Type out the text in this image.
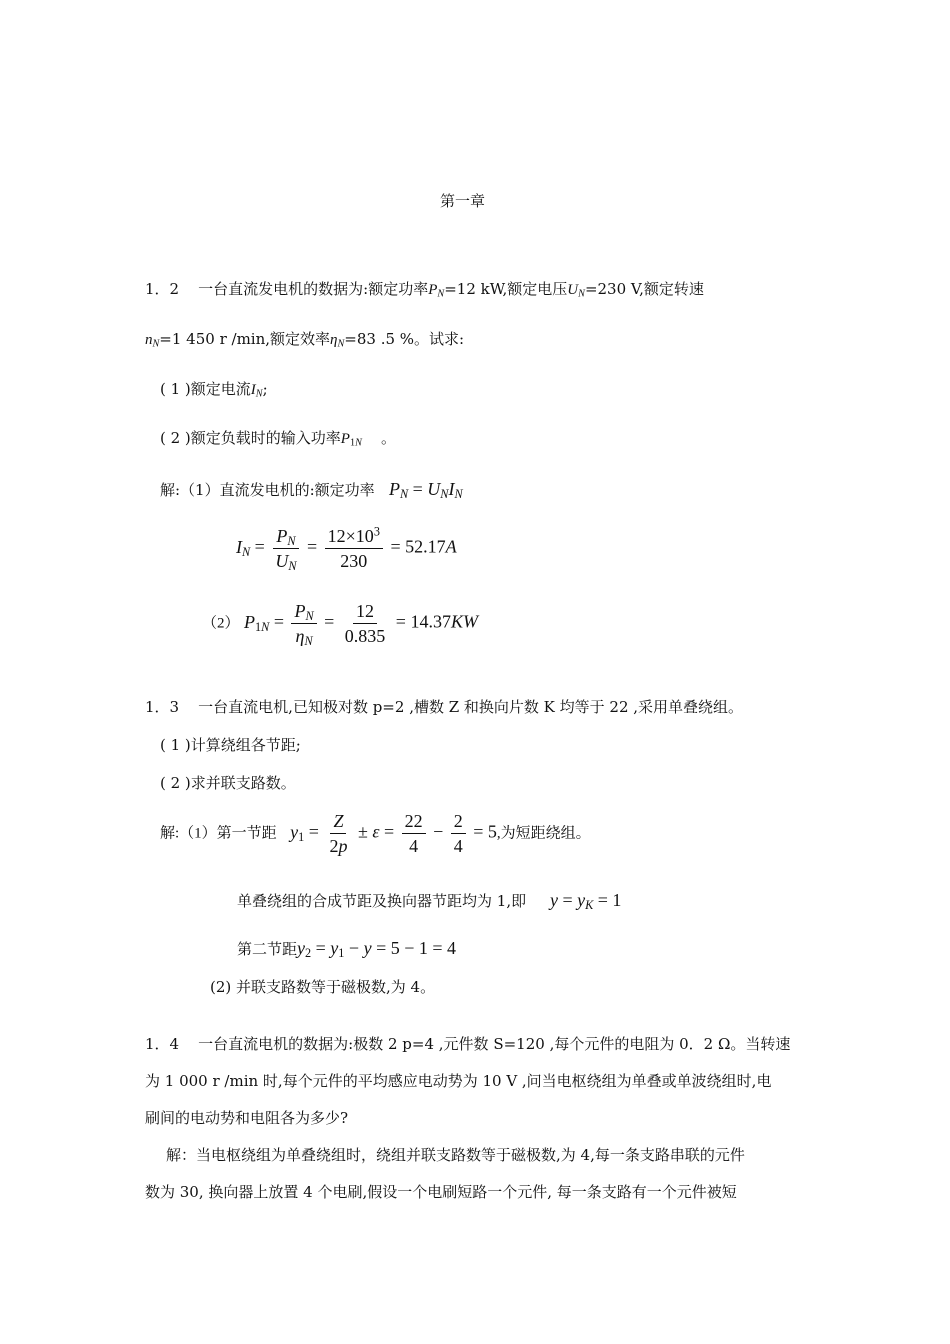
第一章
1．2 一台直流发电机的数据为:额定功率$P_N=12$ kW,额定电压$U_N=230$ V,额定转速
$n_N=1$ 450 r /min,额定效率$\eta_N=83$ .5 %。试求:
( 1 )额定电流$I_N$;
( 2 )额定负载时的输入功率$P_{1N}$ 。
解:（1）直流发电机的:额定功率 $P_N = U_NI_N$
$I_N = \frac{P_N}{U_N} = \frac{12\times 10^3}{230} = 52.17A$
（2） $P_{1N} = \frac{P_N}{\eta_N} = \frac{12}{0.835} = 14.37KW$
1．3 一台直流电机,已知极对数 p=2 ,槽数 Z 和换向片数 K 均等于 22 ,采用单叠绕组。
( 1 )计算绕组各节距;
( 2 )求并联支路数。
解:（1）第一节距 $y_1 = \frac{Z}{2p} \pm \varepsilon = \frac{22}{4} - \frac{2}{4} = 5$,为短距绕组。
单叠绕组的合成节距及换向器节距均为 1,即 $y = y_K = 1$
第二节距$y_2 = y_1 - y = 5 - 1 = 4$
(2) 并联支路数等于磁极数,为 4。
1．4 一台直流电机的数据为:极数 2 p=4 ,元件数 S=120 ,每个元件的电阻为 0．2 Ω。当转速
为 1 000 r /min 时,每个元件的平均感应电动势为 10 V ,问当电枢绕组为单叠或单波绕组时,电
刷间的电动势和电阻各为多少?
解：当电枢绕组为单叠绕组时，绕组并联支路数等于磁极数,为 4,每一条支路串联的元件
数为 30, 换向器上放置 4 个电刷,假设一个电刷短路一个元件, 每一条支路有一个元件被短
